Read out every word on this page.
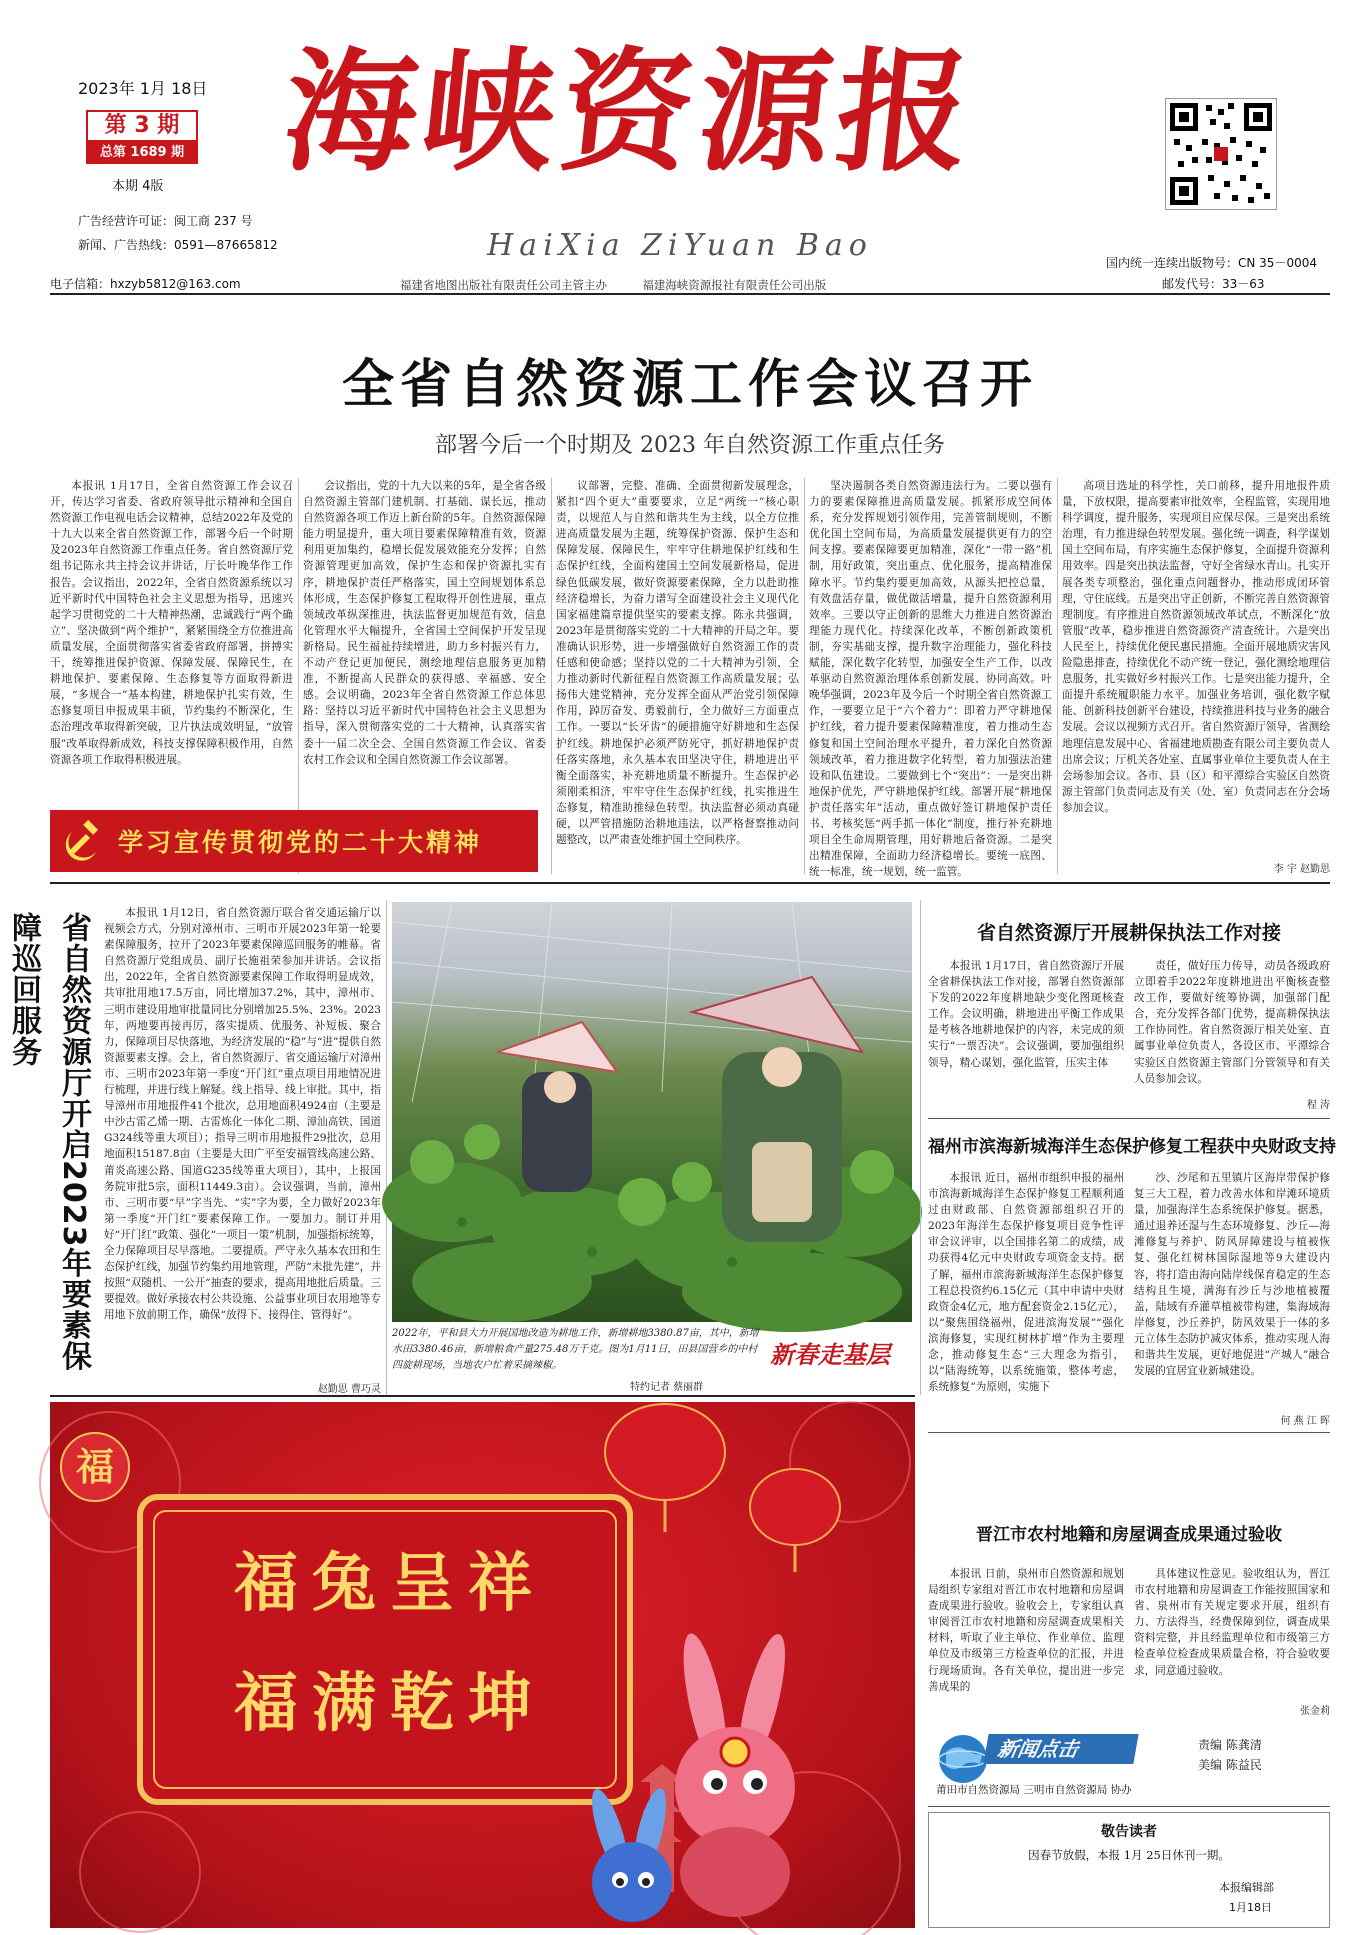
2023年 1月 18日
第 3 期
总第 1689 期
本期 4版
广告经营许可证：闽工商 237 号
新闻、广告热线：0591—87665812
电子信箱：hxzyb5812@163.com
海峡资源报
HaiXia ZiYuan Bao	国内统一连续出版物号：CN 35－0004
邮发代号：33－63
福建省地图出版社有限责任公司主管主办	福建海峡资源报社有限责任公司出版
全省自然资源工作会议召开
部署今后一个时期及 2023 年自然资源工作重点任务

本报讯 1月17日，全省自然资源工作会议召开，传达学习省委、省政府领导批示精神和全国自然资源工作电视电话会议精神，总结2022年及党的十九大以来全省自然资源工作，部署今后一个时期及2023年自然资源工作重点任务。省自然资源厅党组书记陈永共主持会议并讲话，厅长叶晚华作工作报告。会议指出，2022年，全省自然资源系统以习近平新时代中国特色社会主义思想为指导，迅速兴起学习贯彻党的二十大精神热潮，忠诚践行“两个确立”、坚决做到“两个维护”，紧紧围绕全方位推进高质量发展，全面贯彻落实省委省政府部署，拼搏实干，统筹推进保护资源、保障发展、保障民生，在耕地保护、要素保障、生态修复等方面取得新进展，“多规合一”基本构建，耕地保护扎实有效，生态修复项目申报成果丰硕，节约集约不断深化，生态治理改革取得新突破，卫片执法成效明显，“放管服”改革取得新成效，科技支撑保障积极作用，自然资源各项工作取得积极进展。

会议指出，党的十九大以来的5年，是全省各级自然资源主管部门建机制、打基础、谋长远，推动自然资源各项工作迈上新台阶的5年。自然资源保障能力明显提升，重大项目要素保障精准有效，资源利用更加集约，稳增长促发展效能充分发挥；自然资源管理更加高效，保护生态和保护资源扎实有序，耕地保护责任严格落实，国土空间规划体系总体形成，生态保护修复工程取得开创性进展，重点领域改革纵深推进，执法监督更加规范有效，信息化管理水平大幅提升，全省国土空间保护开发呈现新格局。民生福祉持续增进，助力乡村振兴有力，不动产登记更加便民，测绘地理信息服务更加精准，不断提高人民群众的获得感、幸福感、安全感。会议明确，2023年全省自然资源工作总体思路：坚持以习近平新时代中国特色社会主义思想为指导，深入贯彻落实党的二十大精神，认真落实省委十一届二次全会、全国自然资源工作会议、省委农村工作会议和全国自然资源工作会议部署。

议部署，完整、准确、全面贯彻新发展理念，紧扣“四个更大”重要要求，立足“两统一”核心职责，以规范人与自然和谐共生为主线，以全方位推进高质量发展为主题，统筹保护资源、保护生态和保障发展、保障民生，牢牢守住耕地保护红线和生态保护红线，全面构建国土空间发展新格局，促进绿色低碳发展，做好资源要素保障，全力以赴助推经济稳增长，为奋力谱写全面建设社会主义现代化国家福建篇章提供坚实的要素支撑。陈永共强调，2023年是贯彻落实党的二十大精神的开局之年。要准确认识形势，进一步增强做好自然资源工作的责任感和使命感；坚持以党的二十大精神为引领，全力推动新时代新征程自然资源工作高质量发展；弘扬伟大建党精神，充分发挥全面从严治党引领保障作用，踔厉奋发、勇毅前行，全力做好三方面重点工作。一要以“长牙齿”的硬措施守好耕地和生态保护红线。耕地保护必须严防死守，抓好耕地保护责任落实落地，永久基本农田坚决守住，耕地进出平衡全面落实，补充耕地质量不断提升。生态保护必须刚柔相济，牢牢守住生态保护红线，扎实推进生态修复，精准助推绿色转型。执法监督必须动真碰硬，以严管措施防治耕地违法，以严格督察推动问题整改，以严肃查处维护国土空间秩序。

坚决遏制各类自然资源违法行为。二要以强有力的要素保障推进高质量发展。抓紧形成空间体系，充分发挥规划引领作用，完善管制规则，不断优化国土空间布局，为高质量发展提供更有力的空间支撑。要素保障要更加精准，深化“一带一路”机制，用好政策，突出重点、优化服务，提高精准保障水平。节约集约要更加高效，从源头把控总量，有效盘活存量，做优做活增量，提升自然资源利用效率。三要以守正创新的思维大力推进自然资源治理能力现代化。持续深化改革，不断创新政策机制，夯实基础支撑，提升数字治理能力，强化科技赋能，深化数字化转型，加强安全生产工作，以改革驱动自然资源治理体系创新发展、协同高效。叶晚华强调，2023年及今后一个时期全省自然资源工作，一要要立足于“六个着力”：即着力严守耕地保护红线，着力提升要素保障精准度，着力推动生态修复和国土空间治理水平提升，着力深化自然资源领域改革，着力推进数字化转型，着力加强法治建设和队伍建设。二要做到七个“突出”：一是突出耕地保护优先，严守耕地保护红线。部署开展“耕地保护责任落实年”活动，重点做好签订耕地保护责任书、考核奖惩“两手抓一体化”制度，推行补充耕地项目全生命周期管理，用好耕地后备资源。二是突出精准保障，全面助力经济稳增长。要统一底图、统一标准，统一规划，统一监管。

高项目选址的科学性，关口前移，提升用地报件质量，下放权限，提高要素审批效率，全程监管，实现用地科学调度，提升服务，实现项目应保尽保。三是突出系统治理，有力推进绿色转型发展。强化统一调查，科学谋划国土空间布局，有序实施生态保护修复，全面提升资源利用效率。四是突出执法监督，守好全省绿水青山。扎实开展各类专项整治，强化重点问题督办，推动形成闭环管理，守住底线。五是突出守正创新，不断完善自然资源管理制度。有序推进自然资源领域改革试点，不断深化“放管服”改革，稳步推进自然资源资产清查统计。六是突出人民至上，持续优化便民惠民措施。全面开展地质灾害风险隐患排查，持续优化不动产统一登记，强化测绘地理信息服务，扎实做好乡村振兴工作。七是突出能力提升，全面提升系统履职能力水平。加强业务培训，强化数字赋能、创新科技创新平台建设，持续推进科技与业务的融合发展。会议以视频方式召开。省自然资源厅领导，省测绘地理信息发展中心、省福建地质勘查有限公司主要负责人出席会议；厅机关各处室、直属事业单位主要负责人在主会场参加会议。各市、县（区）和平潭综合实验区自然资源主管部门负责同志及有关（处、室）负责同志在分会场参加会议。

李 宇 赵勤思
学习宣传贯彻党的二十大精神
省自然资源厅开启2023年要素保障巡回服务	本报讯 1月12日，省自然资源厅联合省交通运输厅以视频会方式，分别对漳州市、三明市开展2023年第一轮要素保障服务，拉开了2023年要素保障巡回服务的帷幕。省自然资源厅党组成员、副厅长施祖荣参加并讲话。会议指出，2022年，全省自然资源要素保障工作取得明显成效，共审批用地17.5万亩，同比增加37.2%，其中，漳州市、三明市建设用地审批量同比分别增加25.5%、23%。2023年，两地要再接再厉，落实提质、优服务、补短板、聚合力，保障项目尽快落地，为经济发展的“稳”与“进”提供自然资源要素支撑。会上，省自然资源厅、省交通运输厅对漳州市、三明市2023年第一季度“开门红”重点项目用地情况进行梳理，并进行线上解疑。线上指导、线上审批。其中，指导漳州市用地报件41个批次，总用地面积4924亩（主要是中沙古雷乙烯一期、古雷炼化一体化二期、漳汕高铁、国道G324线等重大项目）；指导三明市用地报件29批次，总用地面积15187.8亩（主要是大田广平至安福管线高速公路、莆炎高速公路、国道G235线等重大项目），其中，上报国务院审批5宗，面积11449.3亩）。会议强调，当前，漳州市、三明市要“早”字当先、“实”字为要，全力做好2023年第一季度“开门红”要素保障工作。一要加力。制订并用好“开门红”政策、强化“一项目一策”机制，加强指标统筹，全力保障项目尽早落地。二要提质。严守永久基本农田和生态保护红线，加强节约集约用地管理，严防“未批先建”，并按照“双随机、一公开”抽查的要求，提高用地批后质量。三要提效。做好承接农村公共设施、公益事业项目农用地等专用地下放前期工作，确保“放得下、接得住、管得好”。

赵勤思 曹巧灵
2022年，平和县大力开展国地改造为耕地工作，新增耕地3380.87亩，其中，新增水田3380.46亩，新增粮食产量275.48万千克。图为1月11日，田县国营乡的中村四旋耕现场，当地农户忙着采摘辣椒。
特约记者 蔡丽群
新春走基层
省自然资源厅开展耕保执法工作对接

本报讯 1月17日，省自然资源厅开展全省耕保执法工作对接，部署自然资源部下发的2022年度耕地缺少变化图斑核查工作。会议明确，耕地进出平衡工作成果是考核各地耕地保护的内容，未完成的须实行“一票否决”。会议强调，要加强组织领导，精心谋划，强化监管，压实主体

责任，做好压力传导，动员各级政府立即着手2022年度耕地进出平衡核查整改工作，要做好统筹协调，加强部门配合，充分发挥各部门优势，提高耕保执法工作协同性。省自然资源厅相关处室、直属事业单位负责人，各设区市、平潭综合实验区自然资源主管部门分管领导和有关人员参加会议。

程 涛
福州市滨海新城海洋生态保护修复工程获中央财政支持

本报讯 近日，福州市组织申报的福州市滨海新城海洋生态保护修复工程顺利通过由财政部、自然资源部组织召开的2023年海洋生态保护修复项目竞争性评审会议评审，以全国排名第二的成绩，成功获得4亿元中央财政专项资金支持。据了解，福州市滨海新城海洋生态保护修复工程总投资约6.15亿元（其中申请中央财政资金4亿元，地方配套资金2.15亿元），以“聚焦围绕福州，促进滨海发展”“强化滨海修复，实现红树林扩增”作为主要理念，推动修复生态“三大理念为指引，以“陆海统筹，以系统施策，整体考虑，系统修复”为原则，实施下

沙、沙尾和五里镇片区海岸带保护修复三大工程，着力改善水体和岸滩环境质量，加强海洋生态系统保护修复。据悉，通过退养还湿与生态环境修复、沙丘—海滩修复与养护、防风屏障建设与植被恢复、强化红树林国际湿地等9大建设内容，将打造由海向陆岸线保育稳定的生态结构且生境，满海有沙丘与沙地植被覆盖，陆域有乔灌草植被带构建，集海域海岸修复，沙丘养护，防风效果于一体的多元立体生态防护减灾体系，推动实现人海和谐共生发展，更好地促进“产城人”融合发展的宜居宜业新城建设。

何 燕 江 晖
福
福兔呈祥
福满乾坤
晋江市农村地籍和房屋调查成果通过验收

本报讯 日前，泉州市自然资源和规划局组织专家组对晋江市农村地籍和房屋调查成果进行验收。验收会上，专家组认真审阅晋江市农村地籍和房屋调查成果相关材料，听取了业主单位、作业单位、监理单位及市级第三方检查单位的汇报，并进行现场质询。各有关单位，提出进一步完善成果的

具体建议性意见。验收组认为，晋江市农村地籍和房屋调查工作能按照国家和省、泉州市有关规定要求开展，组织有力、方法得当，经费保障到位，调查成果资料完整，并且经监理单位和市级第三方检查单位检查成果质量合格，符合验收要求，同意通过验收。

张金莉
新闻点击	责编 陈龚清
美编 陈益民
莆田市自然资源局 三明市自然资源局 协办
敬告读者
因春节放假，本报 1月 25日休刊一期。
本报编辑部
1月18日
